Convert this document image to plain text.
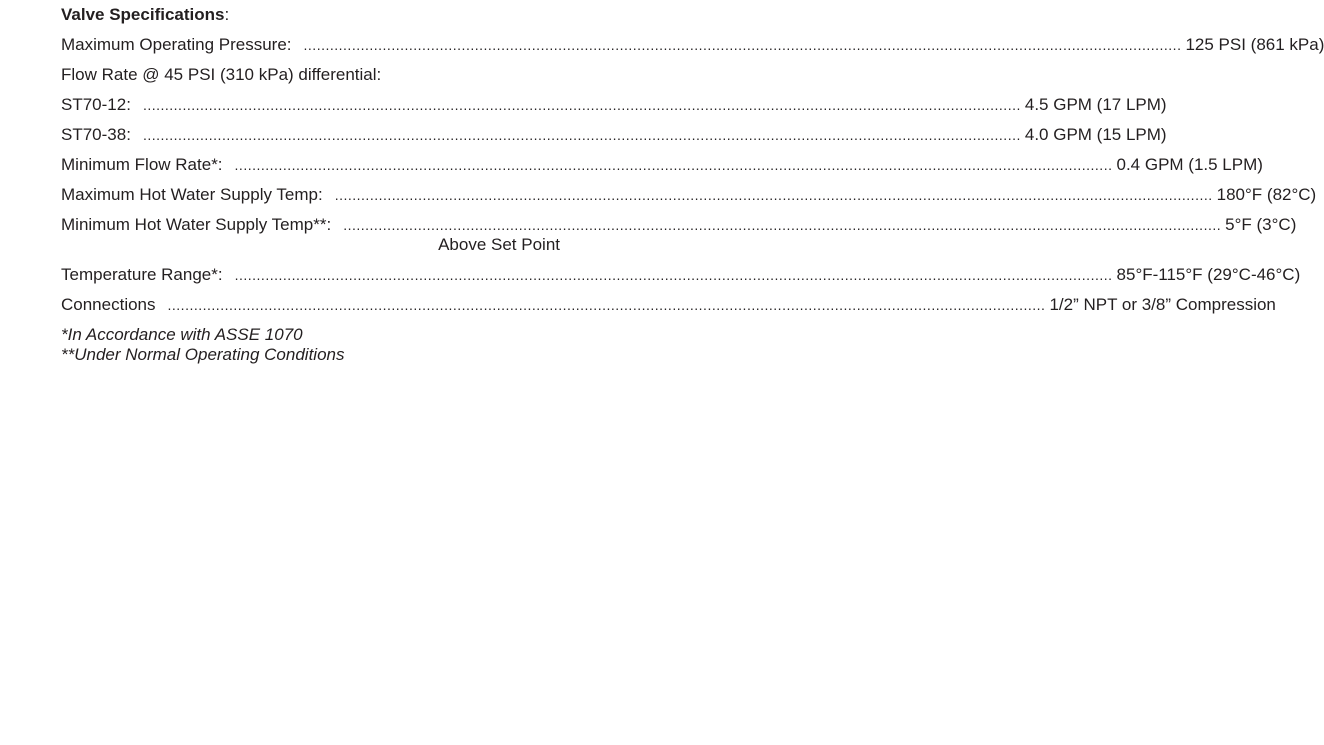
Valve Specifications:
Maximum Operating Pressure: ........................................................................................................................................................................................................ 125 PSI (861 kPa)
Flow Rate @ 45 PSI (310 kPa) differential:
ST70-12: ........................................................................................................................................................................................................ 4.5 GPM (17 LPM)
ST70-38: ........................................................................................................................................................................................................ 4.0 GPM (15 LPM)
Minimum Flow Rate*: ........................................................................................................................................................................................................ 0.4 GPM (1.5 LPM)
Maximum Hot Water Supply Temp: ........................................................................................................................................................................................................ 180°F (82°C)
Minimum Hot Water Supply Temp**: ........................................................................................................................................................................................................ 5°F (3°C)
Above Set Point
Temperature Range*: ........................................................................................................................................................................................................ 85°F-115°F (29°C-46°C)
Connections ........................................................................................................................................................................................................ 1/2” NPT or 3/8” Compression
*In Accordance with ASSE 1070
**Under Normal Operating Conditions
